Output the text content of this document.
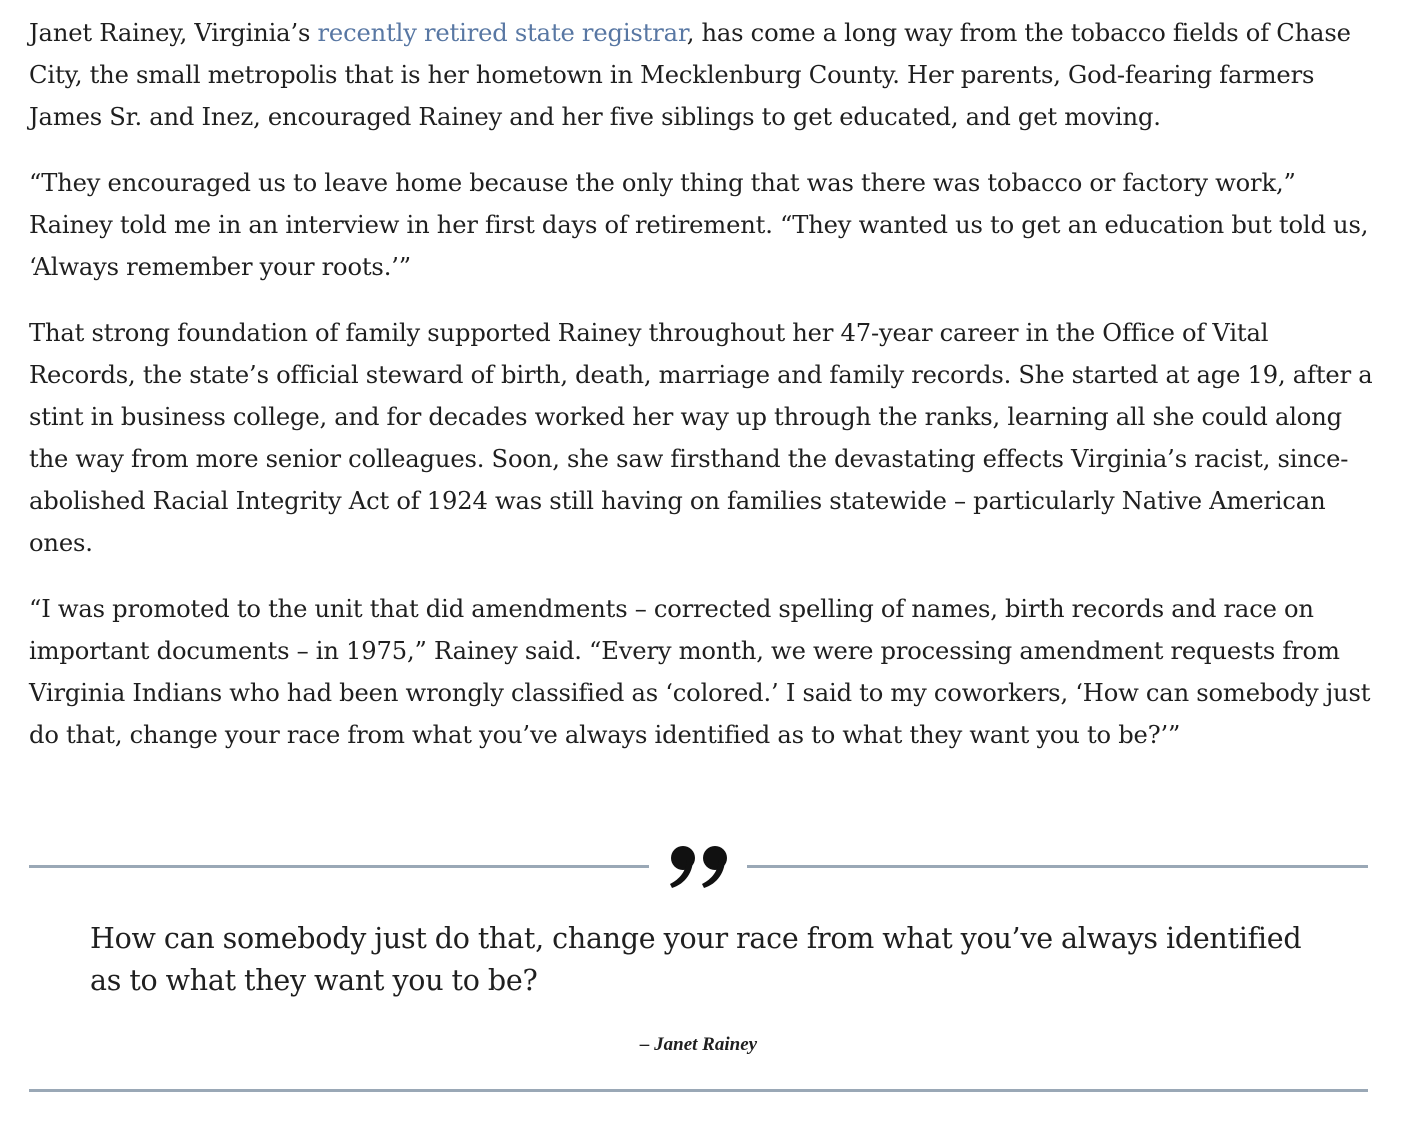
Janet Rainey, Virginia’s recently retired state registrar, has come a long way from the tobacco fields of Chase City, the small metropolis that is her hometown in Mecklenburg County. Her parents, God-fearing farmers James Sr. and Inez, encouraged Rainey and her five siblings to get educated, and get moving.

“They encouraged us to leave home because the only thing that was there was tobacco or factory work,” Rainey told me in an interview in her first days of retirement. “They wanted us to get an education but told us, ‘Always remember your roots.’”

That strong foundation of family supported Rainey throughout her 47-year career in the Office of Vital Records, the state’s official steward of birth, death, marriage and family records. She started at age 19, after a stint in business college, and for decades worked her way up through the ranks, learning all she could along the way from more senior colleagues. Soon, she saw firsthand the devastating effects Virginia’s racist, since-abolished Racial Integrity Act of 1924 was still having on families statewide – particularly Native American ones.

“I was promoted to the unit that did amendments – corrected spelling of names, birth records and race on important documents – in 1975,” Rainey said. “Every month, we were processing amendment requests from Virginia Indians who had been wrongly classified as ‘colored.’ I said to my coworkers, ‘How can somebody just do that, change your race from what you’ve always identified as to what they want you to be?’”

How can somebody just do that, change your race from what you’ve always identified as to what they want you to be?

– Janet Rainey
